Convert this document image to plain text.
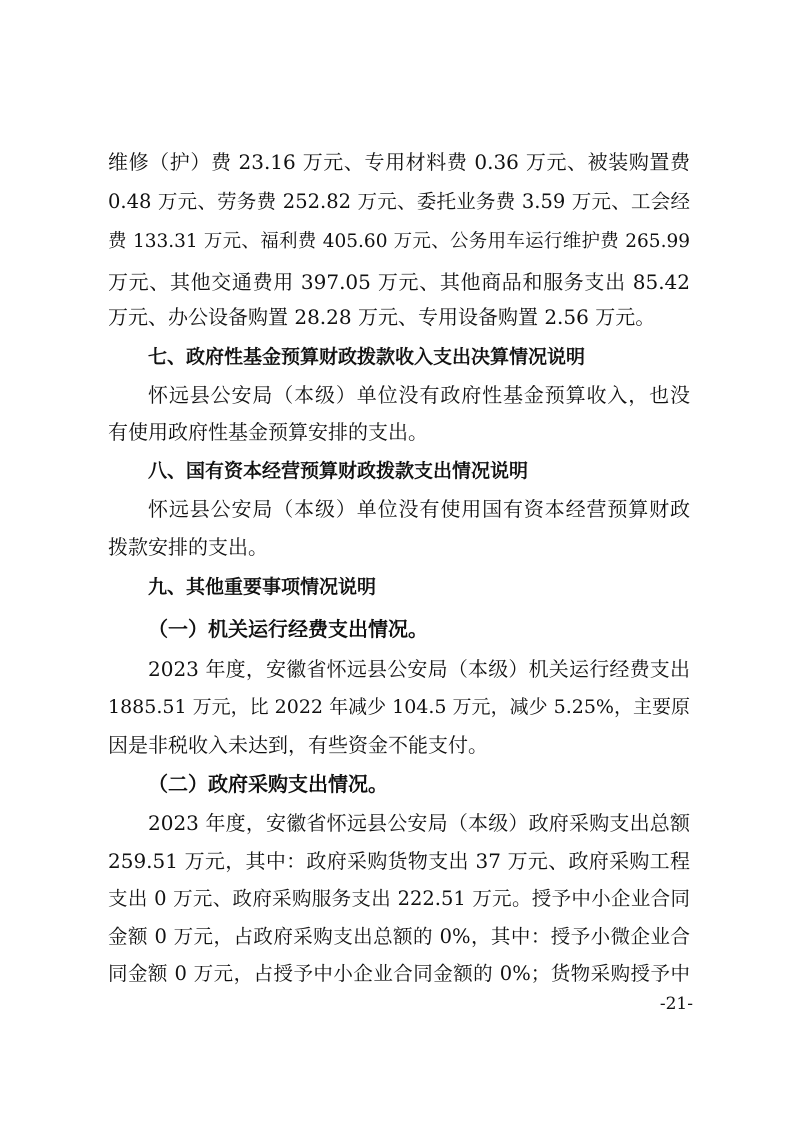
维修（护）费 23.16 万元、专用材料费 0.36 万元、被装购置费
0.48 万元、劳务费 252.82 万元、委托业务费 3.59 万元、工会经
费 133.31 万元、福利费 405.60 万元、公务用车运行维护费 265.99
万元、其他交通费用 397.05 万元、其他商品和服务支出 85.42
万元、办公设备购置 28.28 万元、专用设备购置 2.56 万元。
七、政府性基金预算财政拨款收入支出决算情况说明
怀远县公安局（本级）单位没有政府性基金预算收入，也没
有使用政府性基金预算安排的支出。
八、国有资本经营预算财政拨款支出情况说明
怀远县公安局（本级）单位没有使用国有资本经营预算财政
拨款安排的支出。
九、其他重要事项情况说明
（一）机关运行经费支出情况。
2023 年度，安徽省怀远县公安局（本级）机关运行经费支出
1885.51 万元，比 2022 年减少 104.5 万元，减少 5.25%，主要原
因是非税收入未达到，有些资金不能支付。
（二）政府采购支出情况。
2023 年度，安徽省怀远县公安局（本级）政府采购支出总额
259.51 万元，其中：政府采购货物支出 37 万元、政府采购工程
支出 0 万元、政府采购服务支出 222.51 万元。授予中小企业合同
金额 0 万元，占政府采购支出总额的 0%，其中：授予小微企业合
同金额 0 万元，占授予中小企业合同金额的 0%；货物采购授予中
-21-
